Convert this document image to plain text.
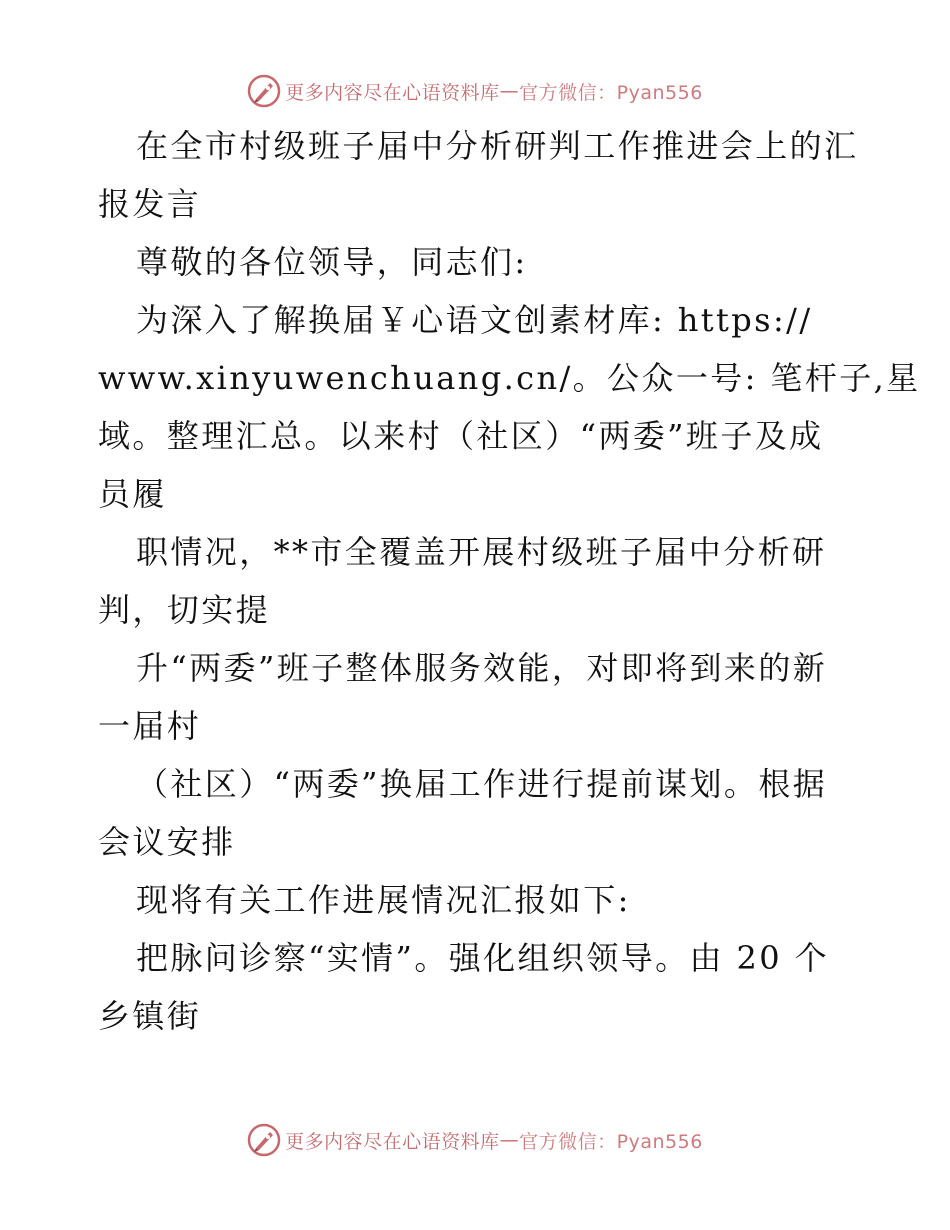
更多内容尽在心语资料库 — 官方微信：Pyan556
在全市村级班子届中分析研判工作推进会上的汇
报发言
尊敬的各位领导，同志们:
为深入了解换届￥心语文创素材库: https://
www.xinyuwenchuang.cn/。公众一号: 笔杆子,星
域。整理汇总。以来村（社区）“两委”班子及成
员履
职情况，**市全覆盖开展村级班子届中分析研
判，切实提
升“两委”班子整体服务效能，对即将到来的新
一届村
（社区）“两委”换届工作进行提前谋划。根据
会议安排
现将有关工作进展情况汇报如下:
把脉问诊察“实情”。强化组织领导。由 20 个
乡镇街
更多内容尽在心语资料库 — 官方微信：Pyan556
